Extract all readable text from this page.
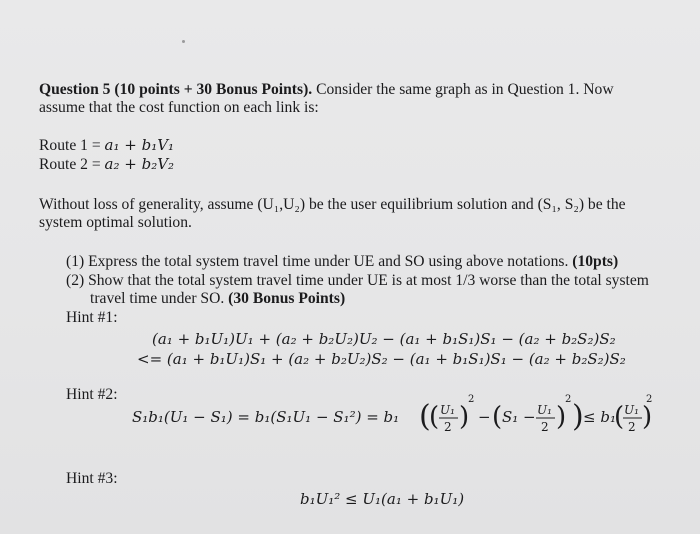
Question 5 (10 points + 30 Bonus Points). Consider the same graph as in Question 1. Now
assume that the cost function on each link is:
Route 1 = a₁ + b₁V₁
Route 2 = a₂ + b₂V₂
Without loss of generality, assume (U₁,U₂) be the user equilibrium solution and (S₁, S₂) be the
system optimal solution.
(1) Express the total system travel time under UE and SO using above notations. (10pts)
(2) Show that the total system travel time under UE is at most 1/3 worse than the total system
travel time under SO. (30 Bonus Points)
Hint #1:
(a₁ + b₁U₁)U₁ + (a₂ + b₂U₂)U₂ − (a₁ + b₁S₁)S₁ − (a₂ + b₂S₂)S₂
<= (a₁ + b₁U₁)S₁ + (a₂ + b₂U₂)S₂ − (a₁ + b₁S₁)S₁ − (a₂ + b₂S₂)S₂
Hint #2:
S₁b₁(U₁ − S₁) = b₁(S₁U₁ − S₁²) = b₁ (
( U₁
2 )
2
− ( S₁ − U₁
2 )
2 ) ≤ b₁
( U₁
2 )
2
Hint #3:
b₁U₁² ≤ U₁(a₁ + b₁U₁)
